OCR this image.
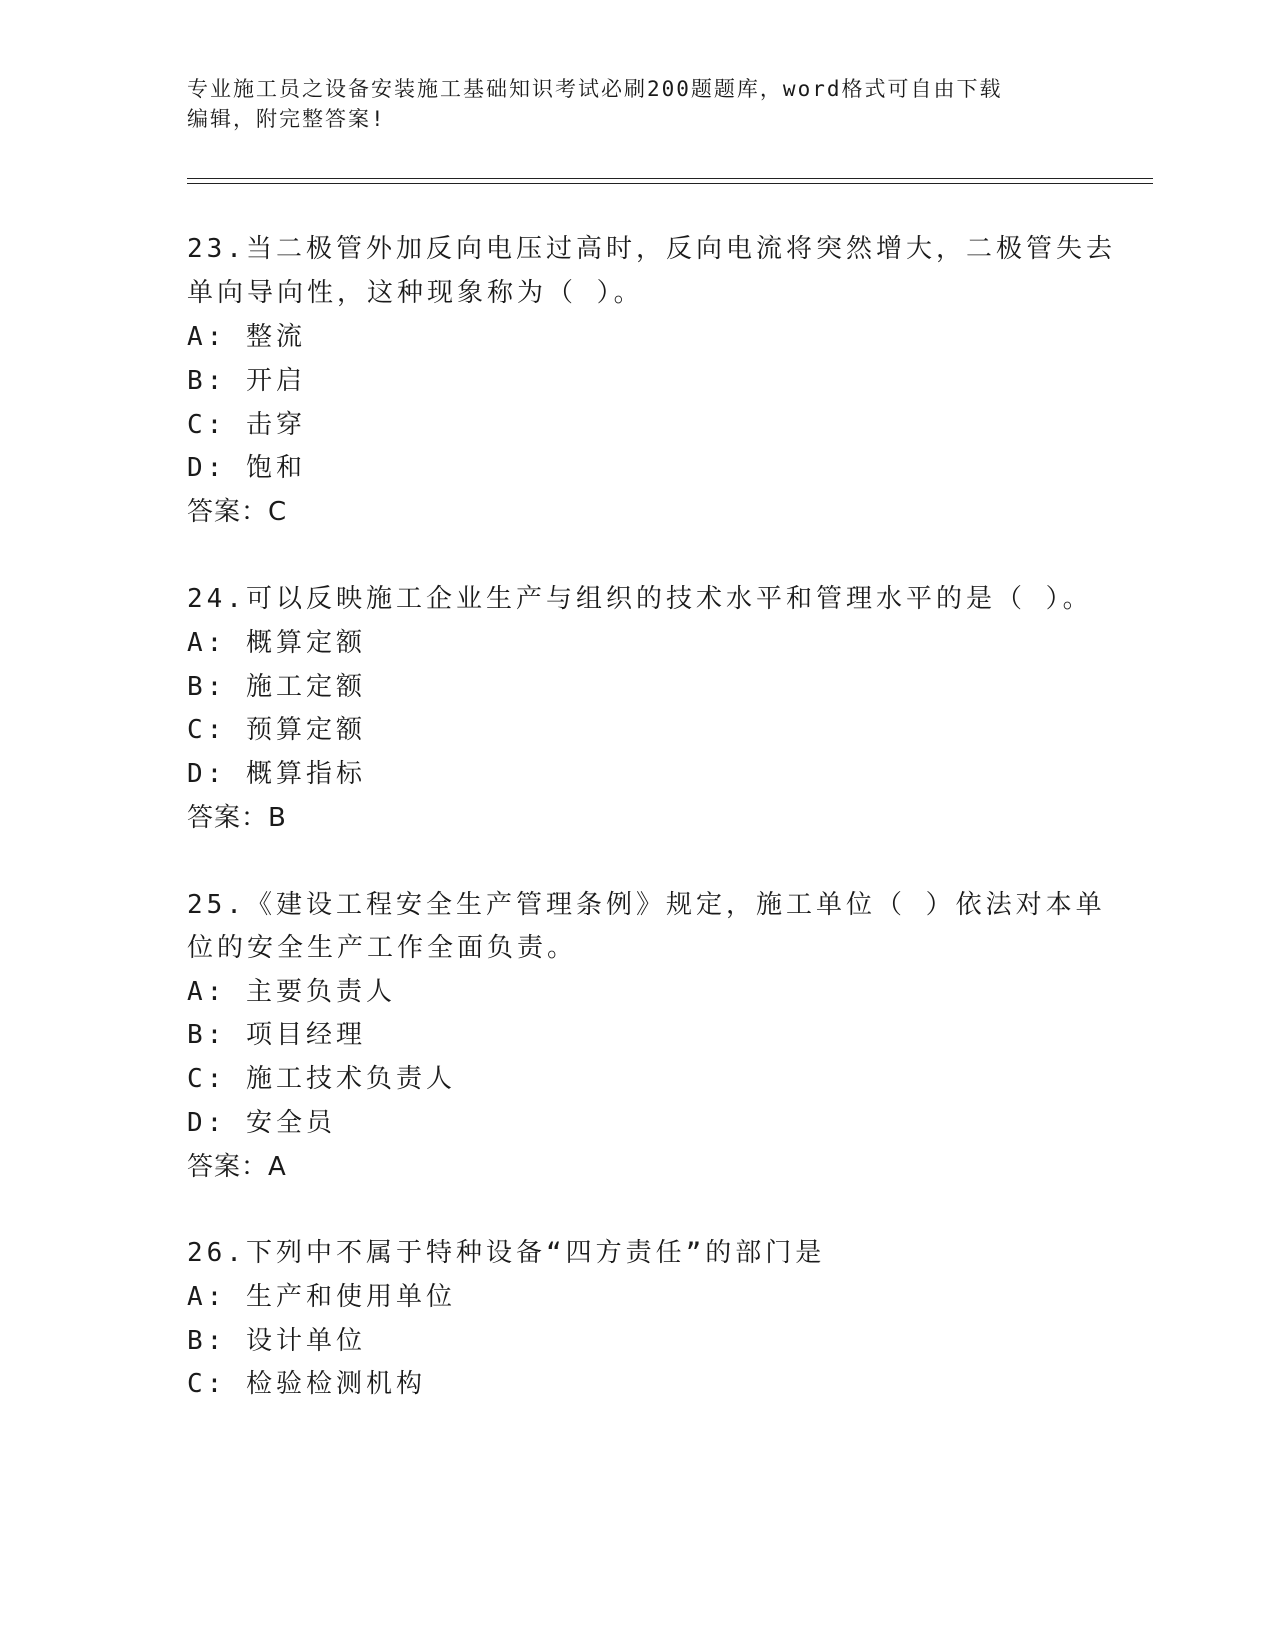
专业施工员之设备安装施工基础知识考试必刷200题题库，word格式可自由下载
编辑，附完整答案!
23.当二极管外加反向电压过高时，反向电流将突然增大，二极管失去
单向导向性，这种现象称为（ ）。
A: 整流
B: 开启
C: 击穿
D: 饱和
答案：C
24.可以反映施工企业生产与组织的技术水平和管理水平的是（ ）。
A: 概算定额
B: 施工定额
C: 预算定额
D: 概算指标
答案：B
25.《建设工程安全生产管理条例》规定，施工单位（ ）依法对本单
位的安全生产工作全面负责。
A: 主要负责人
B: 项目经理
C: 施工技术负责人
D: 安全员
答案：A
26.下列中不属于特种设备“四方责任”的部门是
A: 生产和使用单位
B: 设计单位
C: 检验检测机构
